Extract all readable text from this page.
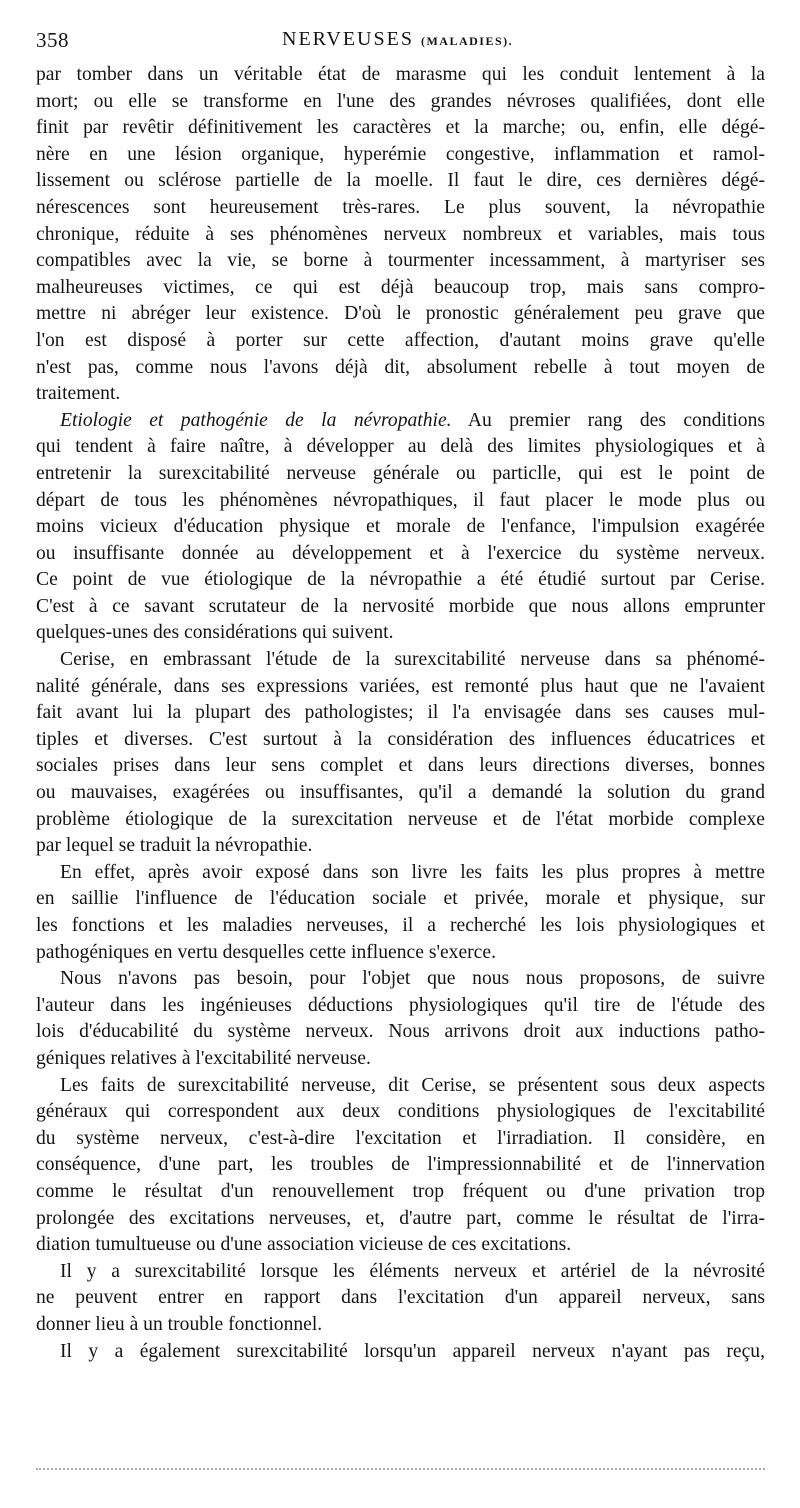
358	NERVEUSES (MALADIES).
par tomber dans un véritable état de marasme qui les conduit lentement à la
mort; ou elle se transforme en l'une des grandes névroses qualifiées, dont elle
finit par revêtir définitivement les caractères et la marche; ou, enfin, elle dégé-
nère en une lésion organique, hyperémie congestive, inflammation et ramol-
lissement ou sclérose partielle de la moelle. Il faut le dire, ces dernières dégé-
nérescences sont heureusement très-rares. Le plus souvent, la névropathie
chronique, réduite à ses phénomènes nerveux nombreux et variables, mais tous
compatibles avec la vie, se borne à tourmenter incessamment, à martyriser ses
malheureuses victimes, ce qui est déjà beaucoup trop, mais sans compro-
mettre ni abréger leur existence. D'où le pronostic généralement peu grave que
l'on est disposé à porter sur cette affection, d'autant moins grave qu'elle
n'est pas, comme nous l'avons déjà dit, absolument rebelle à tout moyen de
traitement.
Etiologie et pathogénie de la névropathie. Au premier rang des conditions
qui tendent à faire naître, à développer au delà des limites physiologiques et à
entretenir la surexcitabilité nerveuse générale ou particlle, qui est le point de
départ de tous les phénomènes névropathiques, il faut placer le mode plus ou
moins vicieux d'éducation physique et morale de l'enfance, l'impulsion exagérée
ou insuffisante donnée au développement et à l'exercice du système nerveux.
Ce point de vue étiologique de la névropathie a été étudié surtout par Cerise.
C'est à ce savant scrutateur de la nervosité morbide que nous allons emprunter
quelques-unes des considérations qui suivent.
Cerise, en embrassant l'étude de la surexcitabilité nerveuse dans sa phénomé-
nalité générale, dans ses expressions variées, est remonté plus haut que ne l'avaient
fait avant lui la plupart des pathologistes; il l'a envisagée dans ses causes mul-
tiples et diverses. C'est surtout à la considération des influences éducatrices et
sociales prises dans leur sens complet et dans leurs directions diverses, bonnes
ou mauvaises, exagérées ou insuffisantes, qu'il a demandé la solution du grand
problème étiologique de la surexcitation nerveuse et de l'état morbide complexe
par lequel se traduit la névropathie.
En effet, après avoir exposé dans son livre les faits les plus propres à mettre
en saillie l'influence de l'éducation sociale et privée, morale et physique, sur
les fonctions et les maladies nerveuses, il a recherché les lois physiologiques et
pathogéniques en vertu desquelles cette influence s'exerce.
Nous n'avons pas besoin, pour l'objet que nous nous proposons, de suivre
l'auteur dans les ingénieuses déductions physiologiques qu'il tire de l'étude des
lois d'éducabilité du système nerveux. Nous arrivons droit aux inductions patho-
géniques relatives à l'excitabilité nerveuse.
Les faits de surexcitabilité nerveuse, dit Cerise, se présentent sous deux aspects
généraux qui correspondent aux deux conditions physiologiques de l'excitabilité
du système nerveux, c'est-à-dire l'excitation et l'irradiation. Il considère, en
conséquence, d'une part, les troubles de l'impressionnabilité et de l'innervation
comme le résultat d'un renouvellement trop fréquent ou d'une privation trop
prolongée des excitations nerveuses, et, d'autre part, comme le résultat de l'irra-
diation tumultueuse ou d'une association vicieuse de ces excitations.
Il y a surexcitabilité lorsque les éléments nerveux et artériel de la névrosité
ne peuvent entrer en rapport dans l'excitation d'un appareil nerveux, sans
donner lieu à un trouble fonctionnel.
Il y a également surexcitabilité lorsqu'un appareil nerveux n'ayant pas reçu,
